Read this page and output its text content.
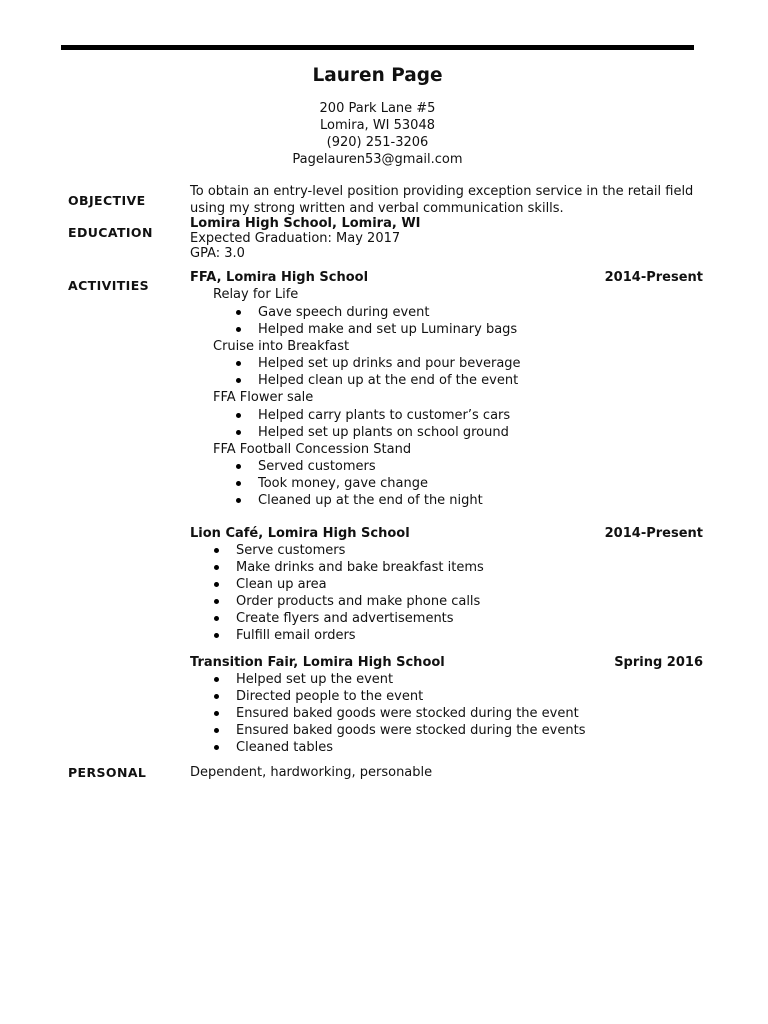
Lauren Page
200 Park Lane #5
Lomira, WI 53048
(920) 251-3206
Pagelauren53@gmail.com
OBJECTIVE
To obtain an entry-level position providing exception service in the retail field
using my strong written and verbal communication skills.
EDUCATION
Lomira High School, Lomira, WI
Expected Graduation: May 2017
GPA: 3.0
ACTIVITIES
FFA, Lomira High School	2014-Present
Relay for Life
Gave speech during event
Helped make and set up Luminary bags
Cruise into Breakfast
Helped set up drinks and pour beverage
Helped clean up at the end of the event
FFA Flower sale
Helped carry plants to customer’s cars
Helped set up plants on school ground
FFA Football Concession Stand
Served customers
Took money, gave change
Cleaned up at the end of the night
Lion Café, Lomira High School	2014-Present
Serve customers
Make drinks and bake breakfast items
Clean up area
Order products and make phone calls
Create flyers and advertisements
Fulfill email orders
Transition Fair, Lomira High School	Spring 2016
Helped set up the event
Directed people to the event
Ensured baked goods were stocked during the event
Ensured baked goods were stocked during the events
Cleaned tables
PERSONAL	Dependent, hardworking, personable
